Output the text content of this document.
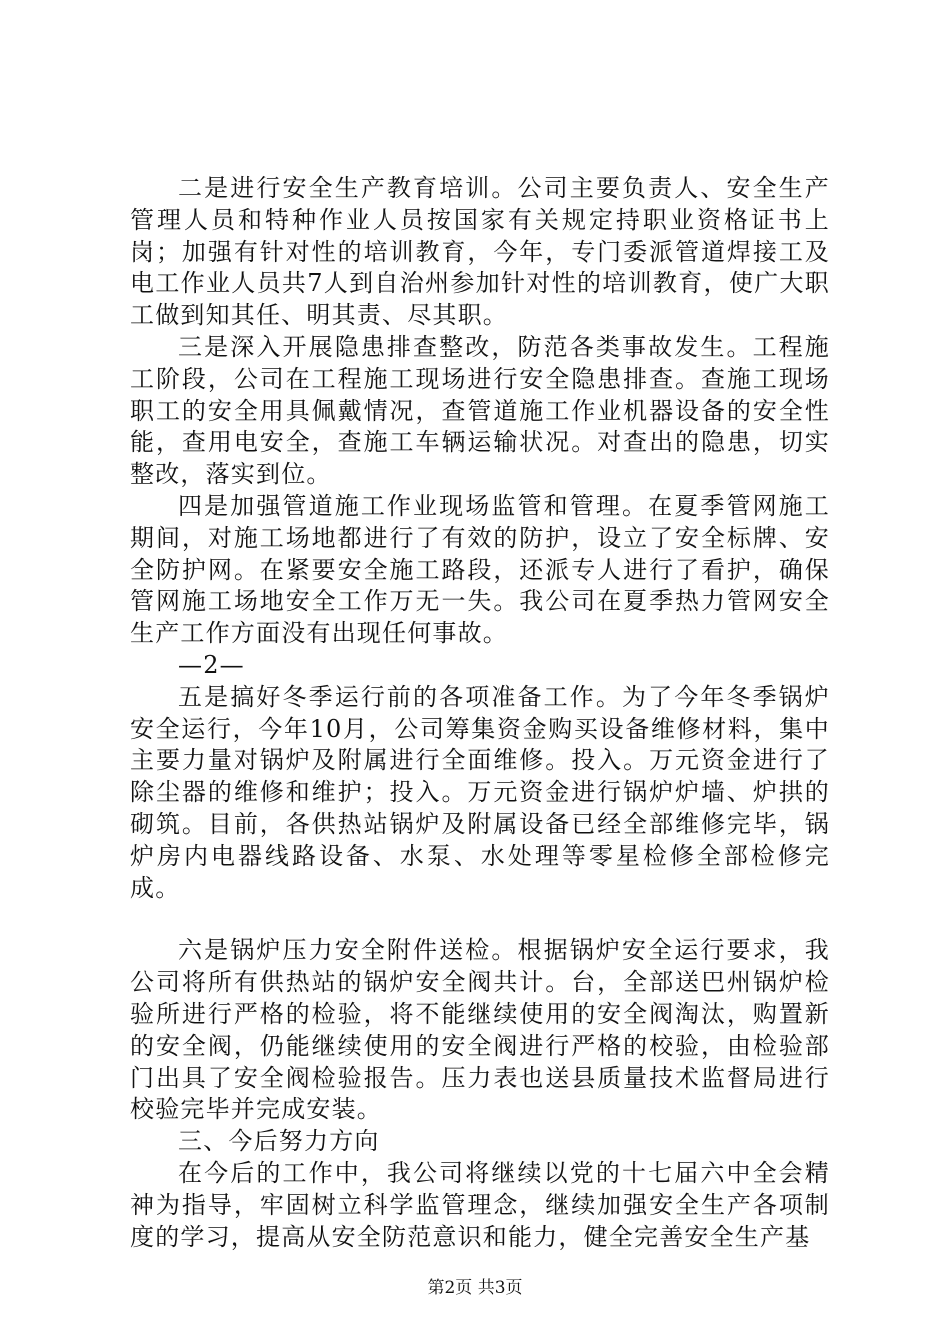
二是进行安全生产教育培训。公司主要负责人、安全生产管理人员和特种作业人员按国家有关规定持职业资格证书上岗；加强有针对性的培训教育，今年，专门委派管道焊接工及电工作业人员共7人到自治州参加针对性的培训教育，使广大职工做到知其任、明其责、尽其职。

三是深入开展隐患排查整改，防范各类事故发生。工程施工阶段，公司在工程施工现场进行安全隐患排查。查施工现场职工的安全用具佩戴情况，查管道施工作业机器设备的安全性能，查用电安全，查施工车辆运输状况。对查出的隐患，切实整改，落实到位。

四是加强管道施工作业现场监管和管理。在夏季管网施工期间，对施工场地都进行了有效的防护，设立了安全标牌、安全防护网。在紧要安全施工路段，还派专人进行了看护，确保管网施工场地安全工作万无一失。我公司在夏季热力管网安全生产工作方面没有出现任何事故。

—2—

五是搞好冬季运行前的各项准备工作。为了今年冬季锅炉安全运行，今年10月，公司筹集资金购买设备维修材料，集中主要力量对锅炉及附属进行全面维修。投入。万元资金进行了除尘器的维修和维护；投入。万元资金进行锅炉炉墙、炉拱的砌筑。目前，各供热站锅炉及附属设备已经全部维修完毕，锅炉房内电器线路设备、水泵、水处理等零星检修全部检修完成。

六是锅炉压力安全附件送检。根据锅炉安全运行要求，我公司将所有供热站的锅炉安全阀共计。台，全部送巴州锅炉检验所进行严格的检验，将不能继续使用的安全阀淘汰，购置新的安全阀，仍能继续使用的安全阀进行严格的校验，由检验部门出具了安全阀检验报告。压力表也送县质量技术监督局进行校验完毕并完成安装。

三、今后努力方向

在今后的工作中，我公司将继续以党的十七届六中全会精神为指导，牢固树立科学监管理念，继续加强安全生产各项制度的学习，提高从安全防范意识和能力，健全完善安全生产基

第2页 共3页
